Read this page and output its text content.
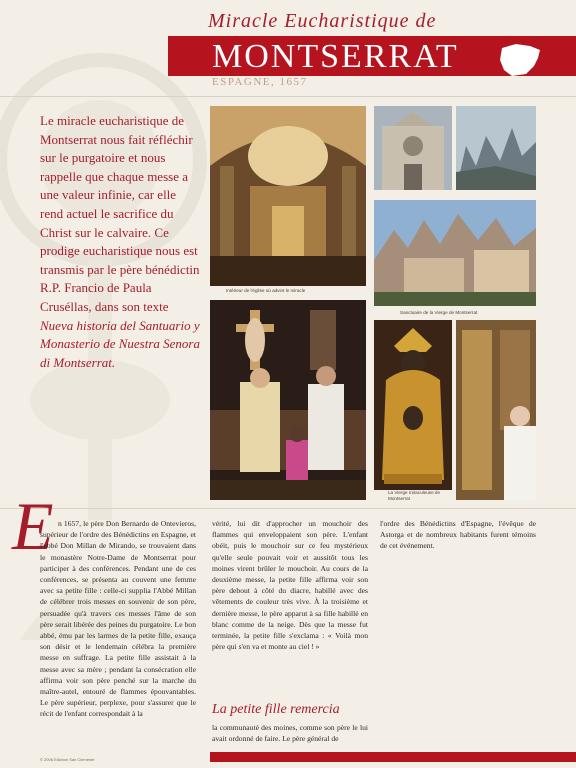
Miracle Eucharistique de
MONTSERRAT
ESPAGNE, 1657
Le miracle eucharistique de Montserrat nous fait réfléchir sur le purgatoire et nous rappelle que chaque messe a une valeur infinie, car elle rend actuel le sacrifice du Christ sur le calvaire. Ce prodige eucharistique nous est transmis par le père bénédictin R.P. Francio de Paula Cruséllas, dans son texte Nueva historia del Santuario y Monasterio de Nuestra Senora di Montserrat.
Intérieur de l'église où advint le miracle
Sanctuaire de la Vierge de Montserrat
La Vierge miraculeuse de Montserrat
E n 1657, le père Don Bernardo de Ontevieros, supérieur de l'ordre des Bénédictins en Espagne, et l'abbé Don Millan de Mirando, se trouvaient dans le monastère Notre-Dame de Montserrat pour participer à des conférences. Pendant une de ces conférences, se présenta au couvent une femme avec sa petite fille : celle-ci supplia l'Abbé Millan de célébrer trois messes en souvenir de son père, persuadée qu'à travers ces messes l'âme de son père serait libérée des peines du purgatoire. Le bon abbé, ému par les larmes de la petite fille, exauça son désir et le lendemain célébra la première messe en suffrage. La petite fille assistait à la messe avec sa mère ; pendant la consécration elle affirma voir son père penché sur la marche du maître-autel, entouré de flammes épouvantables. Le père supérieur, perplexe, pour s'assurer que le récit de l'enfant correspondait à la
vérité, lui dit d'approcher un mouchoir des flammes qui enveloppaient son père. L'enfant obéit, puis le mouchoir sur ce feu mystérieux qu'elle seule pouvait voir et aussitôt tous les moines virent brûler le mouchoir. Au cours de la deuxième messe, la petite fille affirma voir son père debout à côté du diacre, habillé avec des vêtements de couleur très vive. À la troisième et dernière messe, le père apparut à sa fille habillé en blanc comme de la neige. Dès que la messe fut terminée, la petite fille s'exclama : « Voilà mon père qui s'en va et monte au ciel ! »
La petite fille remercia
la communauté des moines, comme son père le lui avait ordonné de faire. Le père général de
l'ordre des Bénédictins d'Espagne, l'évêque de Astorga et de nombreux habitants furent témoins de cet événement.
© 2006 Edizioni San Clemente
